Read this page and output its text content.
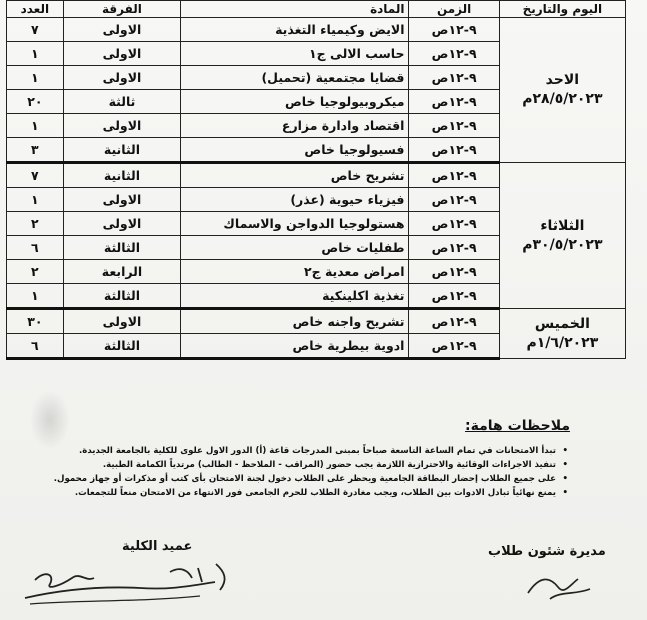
اليوم والتاريخ	الزمن	المادة	الفرقة	العدد

الاحد
٢٨/٥/٢٠٢٣م	٩-١٢ص	الايض وكيمياء التغذية	الاولى	٧
	٩-١٢ص	حاسب الالى ج١	الاولى	١
	٩-١٢ص	قضايا مجتمعية (تحميل)	الاولى	١
	٩-١٢ص	ميكروبيولوجيا خاص	ثالثة	٢٠
	٩-١٢ص	اقتصاد وادارة مزارع	الاولى	١
	٩-١٢ص	فسيولوجيا خاص	الثانية	٣

الثلاثاء
٣٠/٥/٢٠٢٣م	٩-١٢ص	تشريح خاص	الثانية	٧
	٩-١٢ص	فيزياء حيوية (عذر)	الاولى	١
	٩-١٢ص	هستولوجيا الدواجن والاسماك	الاولى	٢
	٩-١٢ص	طفليات خاص	الثالثة	٦
	٩-١٢ص	امراض معدية ج٢	الرابعة	٢
	٩-١٢ص	تغذية اكلينكية	الثالثة	١

الخميس
١/٦/٢٠٢٣م	٩-١٢ص	تشريح واجنه خاص	الاولى	٣٠
	٩-١٢ص	ادوية بيطرية خاص	الثالثة	٦
ملاحظات هامة:
• تبدأ الامتحانات في تمام الساعة التاسعة صباحاً بمبنى المدرجات قاعة (أ) الدور الاول علوى للكلية بالجامعة الجديدة.
• تنفيذ الاجراءات الوقائية والاحترازية اللازمة يجب حضور (المراقب - الملاحظ - الطالب) مرتدياً الكمامة الطبية.
• على جميع الطلاب إحضار البطاقة الجامعية ويحظر على الطلاب دخول لجنة الامتحان بأى كتب أو مذكرات أو جهاز محمول.
• يمنع نهائياً تبادل الادوات بين الطلاب، ويجب مغادرة الطلاب للحرم الجامعى فور الانتهاء من الامتحان منعاً للتجمعات.
عميد الكلية	مديرة شئون طلاب
